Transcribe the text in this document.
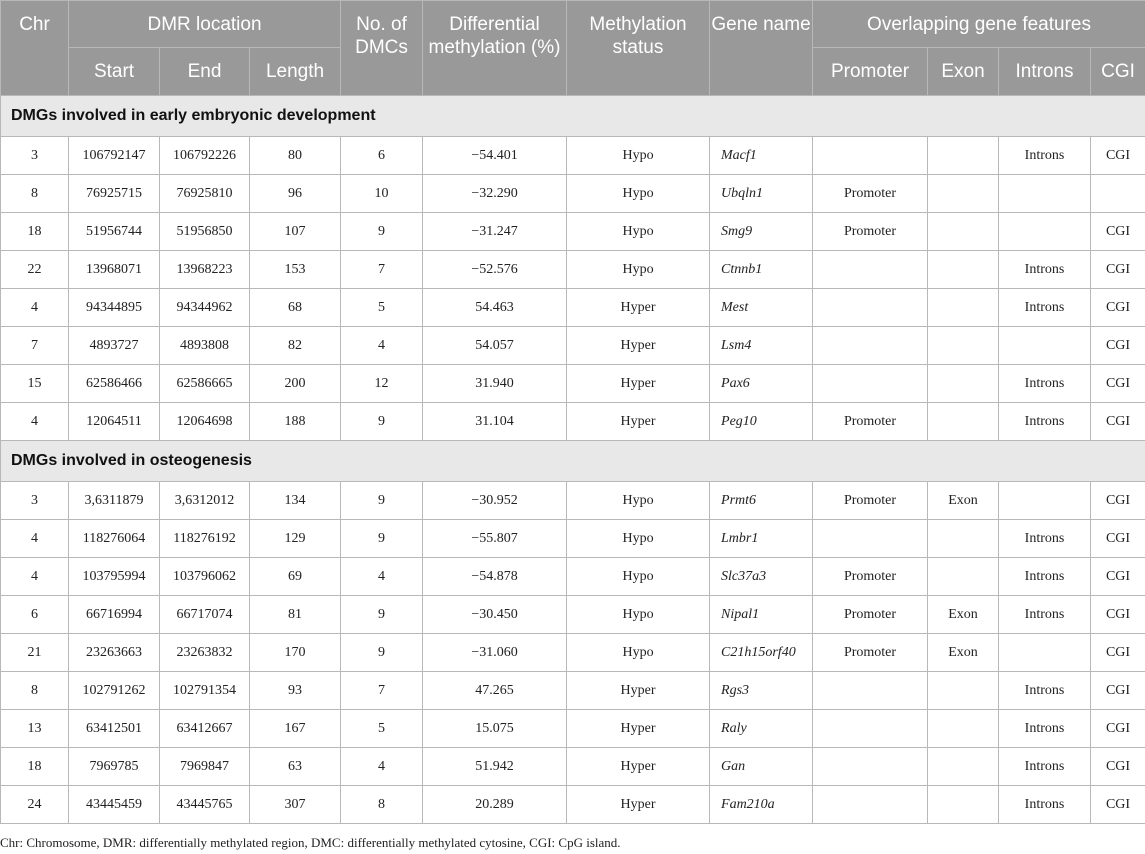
Chr	DMR location			No. of DMCs	Differential methylation (%)	Methylation status	Gene name	Overlapping gene features			
	Start	End	Length					Promoter	Exon	Introns	CGI
DMGs involved in early embryonic development											
3	106792147	106792226	80	6	−54.401	Hypo	Macf1			Introns	CGI
8	76925715	76925810	96	10	−32.290	Hypo	Ubqln1	Promoter			
18	51956744	51956850	107	9	−31.247	Hypo	Smg9	Promoter			CGI
22	13968071	13968223	153	7	−52.576	Hypo	Ctnnb1			Introns	CGI
4	94344895	94344962	68	5	54.463	Hyper	Mest			Introns	CGI
7	4893727	4893808	82	4	54.057	Hyper	Lsm4				CGI
15	62586466	62586665	200	12	31.940	Hyper	Pax6			Introns	CGI
4	12064511	12064698	188	9	31.104	Hyper	Peg10	Promoter		Introns	CGI
DMGs involved in osteogenesis											
3	3,6311879	3,6312012	134	9	−30.952	Hypo	Prmt6	Promoter	Exon		CGI
4	118276064	118276192	129	9	−55.807	Hypo	Lmbr1			Introns	CGI
4	103795994	103796062	69	4	−54.878	Hypo	Slc37a3	Promoter		Introns	CGI
6	66716994	66717074	81	9	−30.450	Hypo	Nipal1	Promoter	Exon	Introns	CGI
21	23263663	23263832	170	9	−31.060	Hypo	C21h15orf40	Promoter	Exon		CGI
8	102791262	102791354	93	7	47.265	Hyper	Rgs3			Introns	CGI
13	63412501	63412667	167	5	15.075	Hyper	Raly			Introns	CGI
18	7969785	7969847	63	4	51.942	Hyper	Gan			Introns	CGI
24	43445459	43445765	307	8	20.289	Hyper	Fam210a			Introns	CGI
Chr: Chromosome, DMR: differentially methylated region, DMC: differentially methylated cytosine, CGI: CpG island.
